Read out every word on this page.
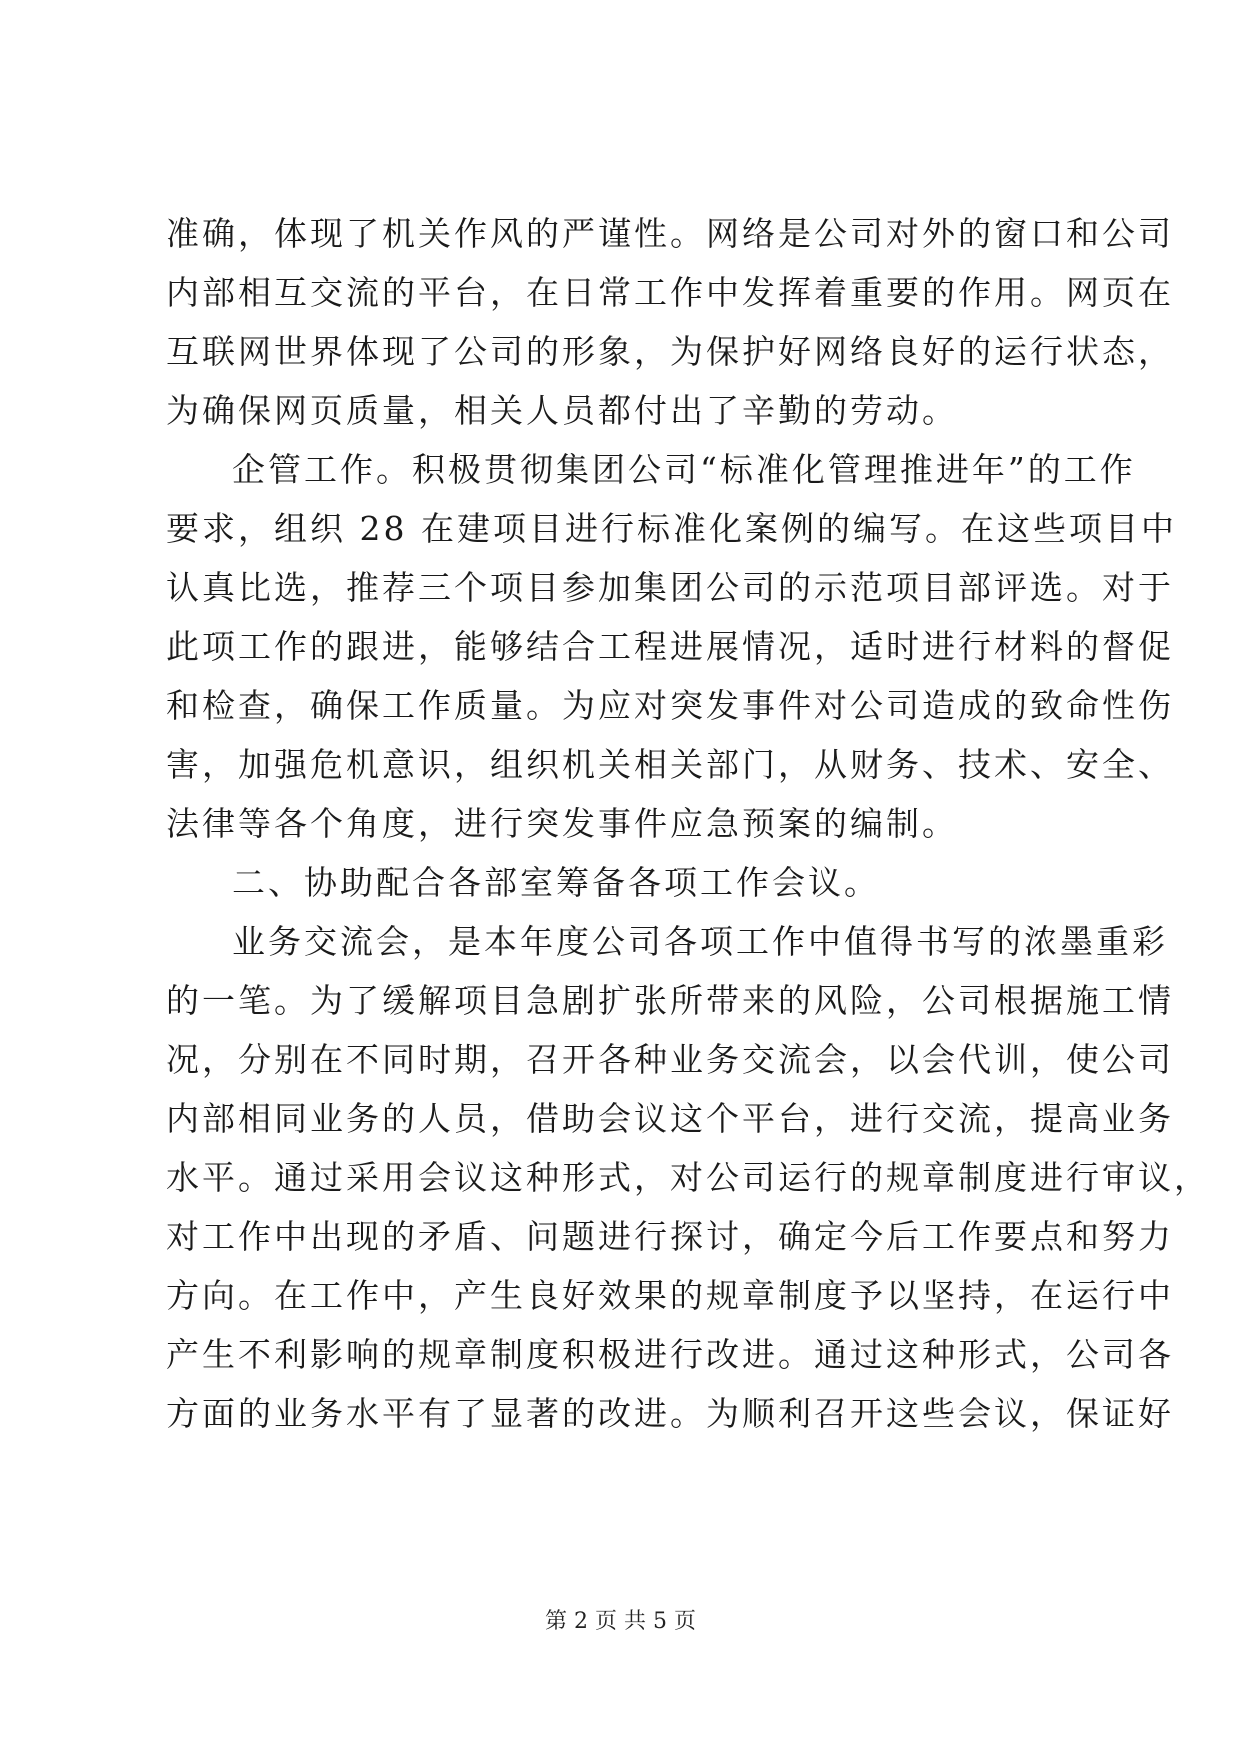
准确，体现了机关作风的严谨性。网络是公司对外的窗口和公司
内部相互交流的平台，在日常工作中发挥着重要的作用。网页在
互联网世界体现了公司的形象，为保护好网络良好的运行状态，
为确保网页质量，相关人员都付出了辛勤的劳动。
企管工作。积极贯彻集团公司“标准化管理推进年”的工作
要求，组织 28 在建项目进行标准化案例的编写。在这些项目中
认真比选，推荐三个项目参加集团公司的示范项目部评选。对于
此项工作的跟进，能够结合工程进展情况，适时进行材料的督促
和检查，确保工作质量。为应对突发事件对公司造成的致命性伤
害，加强危机意识，组织机关相关部门，从财务、技术、安全、
法律等各个角度，进行突发事件应急预案的编制。
二、协助配合各部室筹备各项工作会议。
业务交流会，是本年度公司各项工作中值得书写的浓墨重彩
的一笔。为了缓解项目急剧扩张所带来的风险，公司根据施工情
况，分别在不同时期，召开各种业务交流会，以会代训，使公司
内部相同业务的人员，借助会议这个平台，进行交流，提高业务
水平。通过采用会议这种形式，对公司运行的规章制度进行审议，
对工作中出现的矛盾、问题进行探讨，确定今后工作要点和努力
方向。在工作中，产生良好效果的规章制度予以坚持，在运行中
产生不利影响的规章制度积极进行改进。通过这种形式，公司各
方面的业务水平有了显著的改进。为顺利召开这些会议，保证好
第 2 页 共 5 页
